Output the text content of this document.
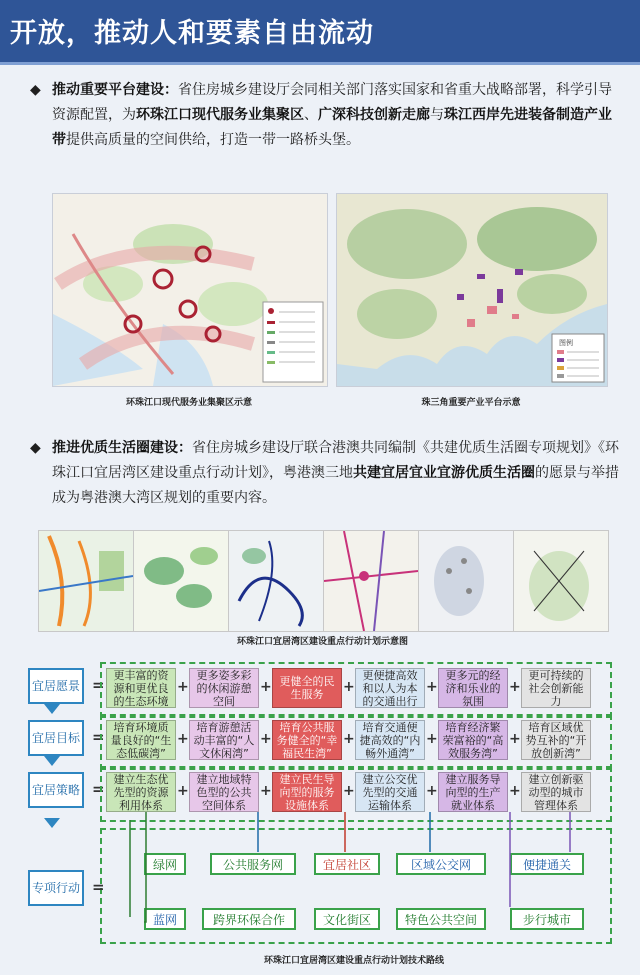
开放，推动人和要素自由流动
◆ 推动重要平台建设：省住房城乡建设厅会同相关部门落实国家和省重大战略部署，科学引导资源配置，为环珠江口现代服务业集聚区、广深科技创新走廊与珠江西岸先进装备制造产业带提供高质量的空间供给，打造一带一路桥头堡。
环珠江口现代服务业集聚区示意
图例
珠三角重要产业平台示意
◆ 推进优质生活圈建设：省住房城乡建设厅联合港澳共同编制《共建优质生活圈专项规划》《环珠江口宜居湾区建设重点行动计划》，粤港澳三地共建宜居宜业宜游优质生活圈的愿景与举措成为粤港澳大湾区规划的重要内容。
环珠江口宜居湾区建设重点行动计划示意图
宜居愿景 =
更丰富的资源和更优良的生态环境
+
更多姿多彩的休闲游憩空间
+ 更健全的民生服务	+
更便捷高效和以人为本的交通出行
+
更多元的经济和乐业的氛围
+
更可持续的社会创新能力
宜居目标 =
培育环境质量良好的“生态低碳湾”
+
培育游憩活动丰富的“人文休闲湾”
+
培育公共服务健全的“幸福民生湾”
+
培育交通便捷高效的“内畅外通湾”
+
培育经济繁荣富裕的“高效服务湾”
+
培育区域优势互补的“开放创新湾”
宜居策略 =
建立生态优先型的资源利用体系
+
建立地域特色型的公共空间体系
+
建立民生导向型的服务设施体系
+
建立公交优先型的交通运输体系
+
建立服务导向型的生产就业体系
+
建立创新驱动型的城市管理体系
专项行动 =
绿网	公共服务网	宜居社区	区域公交网	便捷通关
蓝网	跨界环保合作	文化街区	特色公共空间	步行城市
环珠江口宜居湾区建设重点行动计划技术路线
